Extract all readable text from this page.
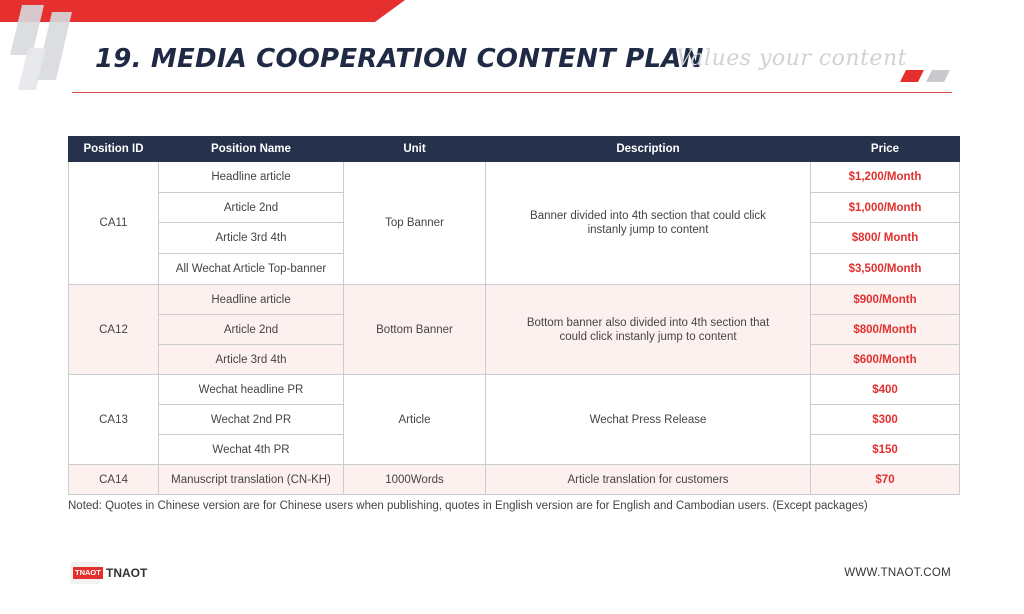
19. MEDIA COOPERATION CONTENT PLAN
Values your content
Position ID	Position Name	Unit	Description	Price
CA11	Headline article	Top Banner	Banner divided into 4th section that could click instanly jump to content	$1,200/Month
	Article 2nd			$1,000/Month
	Article 3rd 4th			$800/ Month
	All Wechat Article Top-banner			$3,500/Month
CA12	Headline article	Bottom Banner	Bottom banner also divided into 4th section that could click instanly jump to content	$900/Month
	Article 2nd			$800/Month
	Article 3rd 4th			$600/Month
CA13	Wechat headline PR	Article	Wechat Press Release	$400
	Wechat 2nd PR			$300
	Wechat 4th PR			$150
CA14	Manuscript translation (CN-KH)	1000Words	Article translation for customers	$70
Noted: Quotes in Chinese version are for Chinese users when publishing, quotes in English version are for English and Cambodian users. (Except packages)
TNAOT TNAOT	WWW.TNAOT.COM
